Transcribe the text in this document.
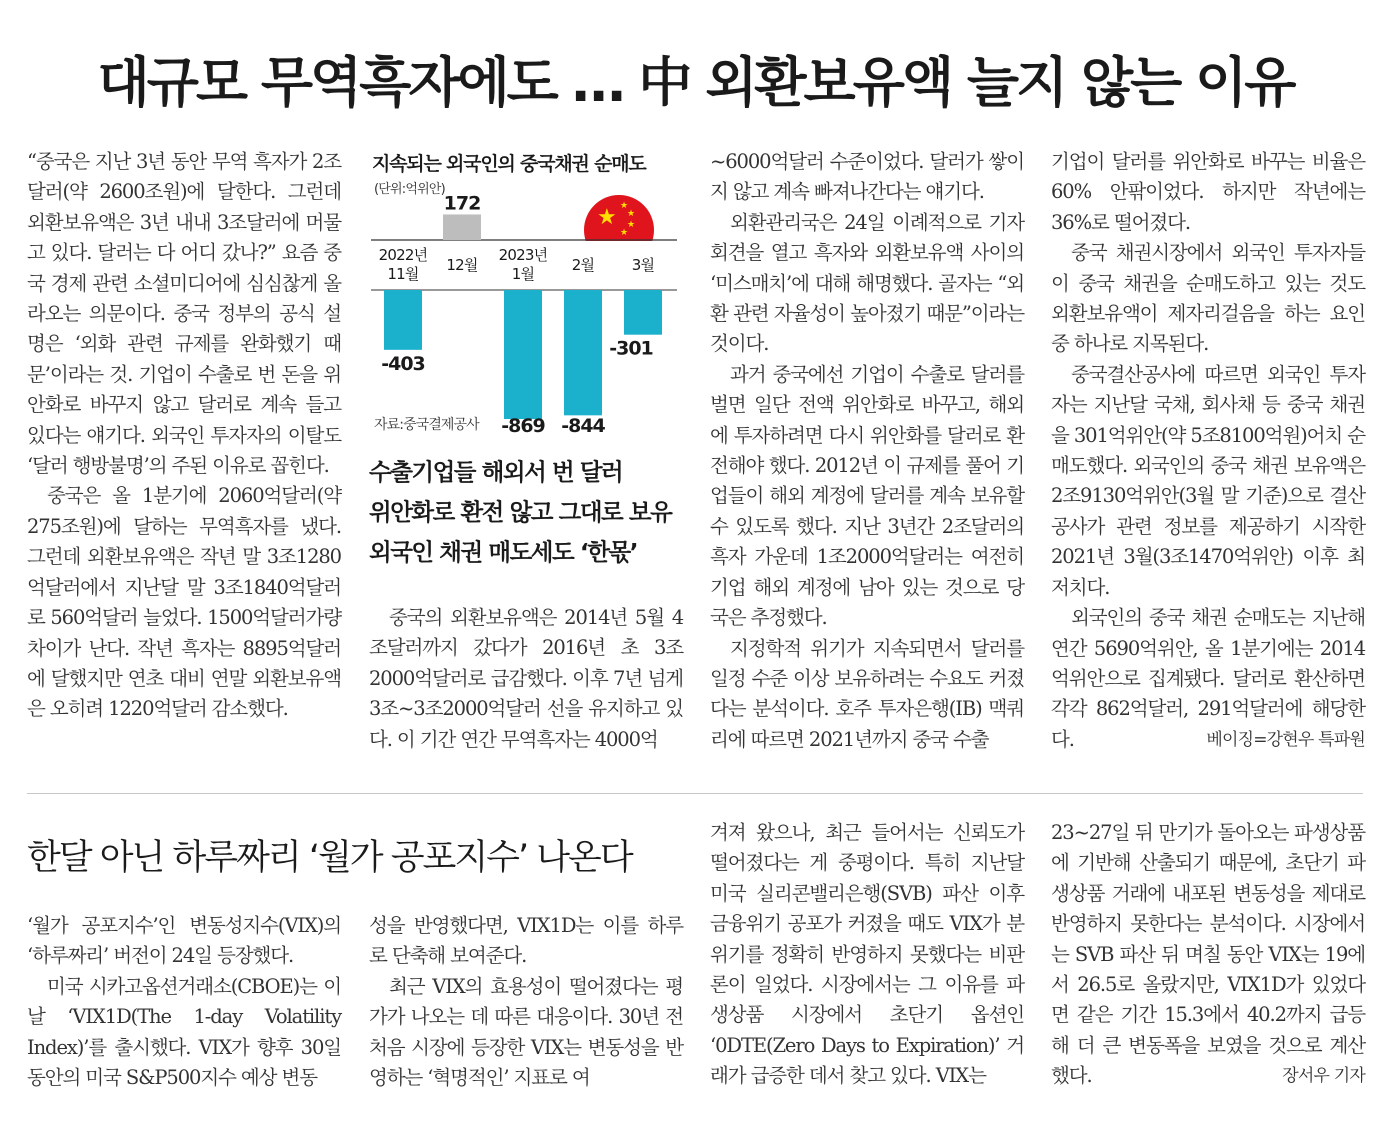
대규모 무역흑자에도 … 中 외환보유액 늘지 않는 이유

“중국은 지난 3년 동안 무역 흑자가 2조달러(약 2600조원)에 달한다. 그런데 외환보유액은 3년 내내 3조달러에 머물고 있다. 달러는 다 어디 갔나?” 요즘 중국 경제 관련 소셜미디어에 심심찮게 올라오는 의문이다. 중국 정부의 공식 설명은 ‘외화 관련 규제를 완화했기 때문’이라는 것. 기업이 수출로 번 돈을 위안화로 바꾸지 않고 달러로 계속 들고 있다는 얘기다. 외국인 투자자의 이탈도 ‘달러 행방불명’의 주된 이유로 꼽힌다.

중국은 올 1분기에 2060억달러(약 275조원)에 달하는 무역흑자를 냈다. 그런데 외환보유액은 작년 말 3조1280억달러에서 지난달 말 3조1840억달러로 560억달러 늘었다. 1500억달러가량 차이가 난다. 작년 흑자는 8895억달러에 달했지만 연초 대비 연말 외환보유액은 오히려 1220억달러 감소했다.

지속되는 외국인의 중국채권 순매도
(단위:억위안)
★ ★
★
★
★
-403
2022년
11월
172
12월
-869
2023년
1월
-844
2월
-301
3월
자료:중국결제공사
수출기업들 해외서 번 달러
위안화로 환전 않고 그대로 보유
외국인 채권 매도세도 ‘한몫’

중국의 외환보유액은 2014년 5월 4조달러까지 갔다가 2016년 초 3조2000억달러로 급감했다. 이후 7년 넘게 3조~3조2000억달러 선을 유지하고 있다. 이 기간 연간 무역흑자는 4000억

~6000억달러 수준이었다. 달러가 쌓이지 않고 계속 빠져나간다는 얘기다.

외환관리국은 24일 이례적으로 기자회견을 열고 흑자와 외환보유액 사이의 ‘미스매치’에 대해 해명했다. 골자는 “외환 관련 자율성이 높아졌기 때문”이라는 것이다.

과거 중국에선 기업이 수출로 달러를 벌면 일단 전액 위안화로 바꾸고, 해외에 투자하려면 다시 위안화를 달러로 환전해야 했다. 2012년 이 규제를 풀어 기업들이 해외 계정에 달러를 계속 보유할 수 있도록 했다. 지난 3년간 2조달러의 흑자 가운데 1조2000억달러는 여전히 기업 해외 계정에 남아 있는 것으로 당국은 추정했다.

지정학적 위기가 지속되면서 달러를 일정 수준 이상 보유하려는 수요도 커졌다는 분석이다. 호주 투자은행(IB) 맥쿼리에 따르면 2021년까지 중국 수출

기업이 달러를 위안화로 바꾸는 비율은 60% 안팎이었다. 하지만 작년에는 36%로 떨어졌다.

중국 채권시장에서 외국인 투자자들이 중국 채권을 순매도하고 있는 것도 외환보유액이 제자리걸음을 하는 요인 중 하나로 지목된다.

중국결산공사에 따르면 외국인 투자자는 지난달 국채, 회사채 등 중국 채권을 301억위안(약 5조8100억원)어치 순매도했다. 외국인의 중국 채권 보유액은 2조9130억위안(3월 말 기준)으로 결산공사가 관련 정보를 제공하기 시작한 2021년 3월(3조1470억위안) 이후 최저치다.

외국인의 중국 채권 순매도는 지난해 연간 5690억위안, 올 1분기에는 2014억위안으로 집계됐다. 달러로 환산하면 각각 862억달러, 291억달러에 해당한다.	베이징=강현우 특파원

한달 아닌 하루짜리 ‘월가 공포지수’ 나온다

‘월가 공포지수’인 변동성지수(VIX)의 ‘하루짜리’ 버전이 24일 등장했다.

미국 시카고옵션거래소(CBOE)는 이날 ‘VIX1D(The 1-day Volatility Index)’를 출시했다. VIX가 향후 30일 동안의 미국 S&P500지수 예상 변동

성을 반영했다면, VIX1D는 이를 하루로 단축해 보여준다.

최근 VIX의 효용성이 떨어졌다는 평가가 나오는 데 따른 대응이다. 30년 전 처음 시장에 등장한 VIX는 변동성을 반영하는 ‘혁명적인’ 지표로 여

겨져 왔으나, 최근 들어서는 신뢰도가 떨어졌다는 게 중평이다. 특히 지난달 미국 실리콘밸리은행(SVB) 파산 이후 금융위기 공포가 커졌을 때도 VIX가 분위기를 정확히 반영하지 못했다는 비판론이 일었다. 시장에서는 그 이유를 파생상품 시장에서 초단기 옵션인 ‘0DTE(Zero Days to Expiration)’ 거래가 급증한 데서 찾고 있다. VIX는

23~27일 뒤 만기가 돌아오는 파생상품에 기반해 산출되기 때문에, 초단기 파생상품 거래에 내포된 변동성을 제대로 반영하지 못한다는 분석이다. 시장에서는 SVB 파산 뒤 며칠 동안 VIX는 19에서 26.5로 올랐지만, VIX1D가 있었다면 같은 기간 15.3에서 40.2까지 급등해 더 큰 변동폭을 보였을 것으로 계산했다.	장서우 기자
